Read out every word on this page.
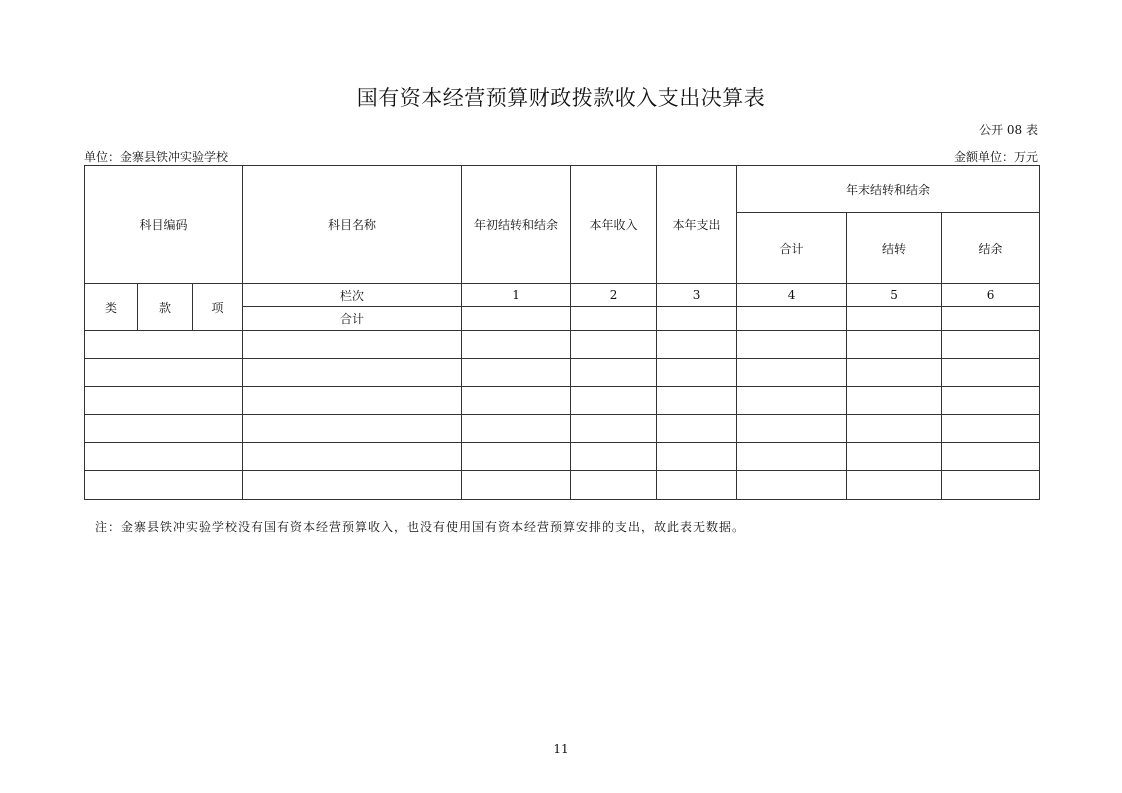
国有资本经营预算财政拨款收入支出决算表
公开 08 表
单位：金寨县铁冲实验学校	金额单位：万元
科目编码			科目名称	年初结转和结余	本年收入	本年支出	年末结转和结余		
							合计	结转	结余
类	款	项	栏次	1	2	3	4	5	6
			合计						

注：金寨县铁冲实验学校没有国有资本经营预算收入，也没有使用国有资本经营预算安排的支出，故此表无数据。
11
